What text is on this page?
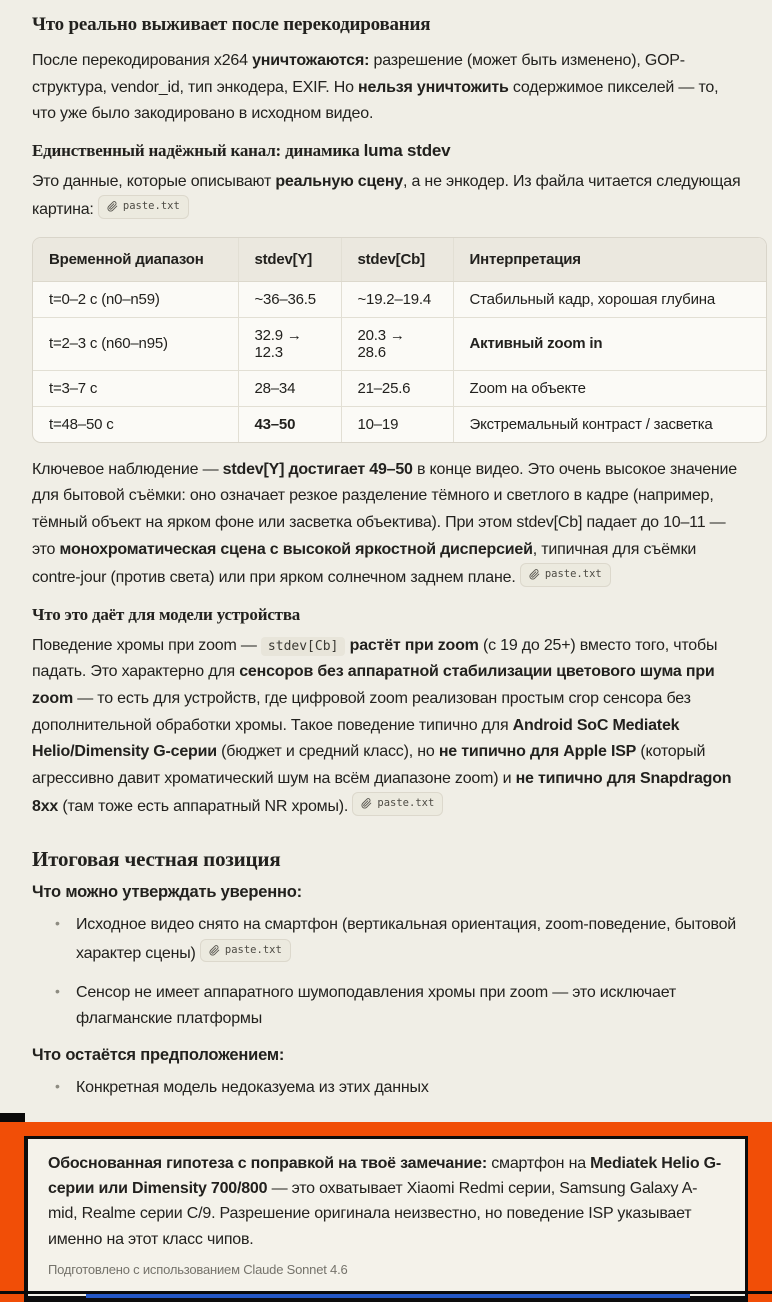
Что реально выживает после перекодирования

После перекодирования x264 уничтожаются: разрешение (может быть изменено), GOP-структура, vendor_id, тип энкодера, EXIF. Но нельзя уничтожить содержимое пикселей — то, что уже было закодировано в исходном видео.

Единственный надёжный канал: динамика luma stdev

Это данные, которые описывают реальную сцену, а не энкодер. Из файла читается следующая картина: paste.txt

Временной диапазон	stdev[Y]	stdev[Cb]	Интерпретация
t=0–2 с (n0–n59)	~36–36.5	~19.2–19.4	Стабильный кадр, хорошая глубина
t=2–3 с (n60–n95)	32.9 → 12.3	20.3 → 28.6	Активный zoom in
t=3–7 с	28–34	21–25.6	Zoom на объекте
t=48–50 с	43–50	10–19	Экстремальный контраст / засветка

Ключевое наблюдение — stdev[Y] достигает 49–50 в конце видео. Это очень высокое значение для бытовой съёмки: оно означает резкое разделение тёмного и светлого в кадре (например, тёмный объект на ярком фоне или засветка объектива). При этом stdev[Cb] падает до 10–11 — это монохроматическая сцена с высокой яркостной дисперсией, типичная для съёмки contre-jour (против света) или при ярком солнечном заднем плане. paste.txt

Что это даёт для модели устройства

Поведение хромы при zoom — stdev[Cb] растёт при zoom (с 19 до 25+) вместо того, чтобы падать. Это характерно для сенсоров без аппаратной стабилизации цветового шума при zoom — то есть для устройств, где цифровой zoom реализован простым crop сенсора без дополнительной обработки хромы. Такое поведение типично для Android SoC Mediatek Helio/Dimensity G-серии (бюджет и средний класс), но не типично для Apple ISP (который агрессивно давит хроматический шум на всём диапазоне zoom) и не типично для Snapdragon 8xx (там тоже есть аппаратный NR хромы). paste.txt

Итоговая честная позиция

Что можно утверждать уверенно:

• Исходное видео снято на смартфон (вертикальная ориентация, zoom-поведение, бытовой характер сцены) paste.txt
• Сенсор не имеет аппаратного шумоподавления хромы при zoom — это исключает флагманские платформы

Что остаётся предположением:

• Конкретная модель недоказуема из этих данных

Обоснованная гипотеза с поправкой на твоё замечание: смартфон на Mediatek Helio G-серии или Dimensity 700/800 — это охватывает Xiaomi Redmi серии, Samsung Galaxy A-mid, Realme серии C/9. Разрешение оригинала неизвестно, но поведение ISP указывает именно на этот класс чипов.

Подготовлено с использованием Claude Sonnet 4.6
